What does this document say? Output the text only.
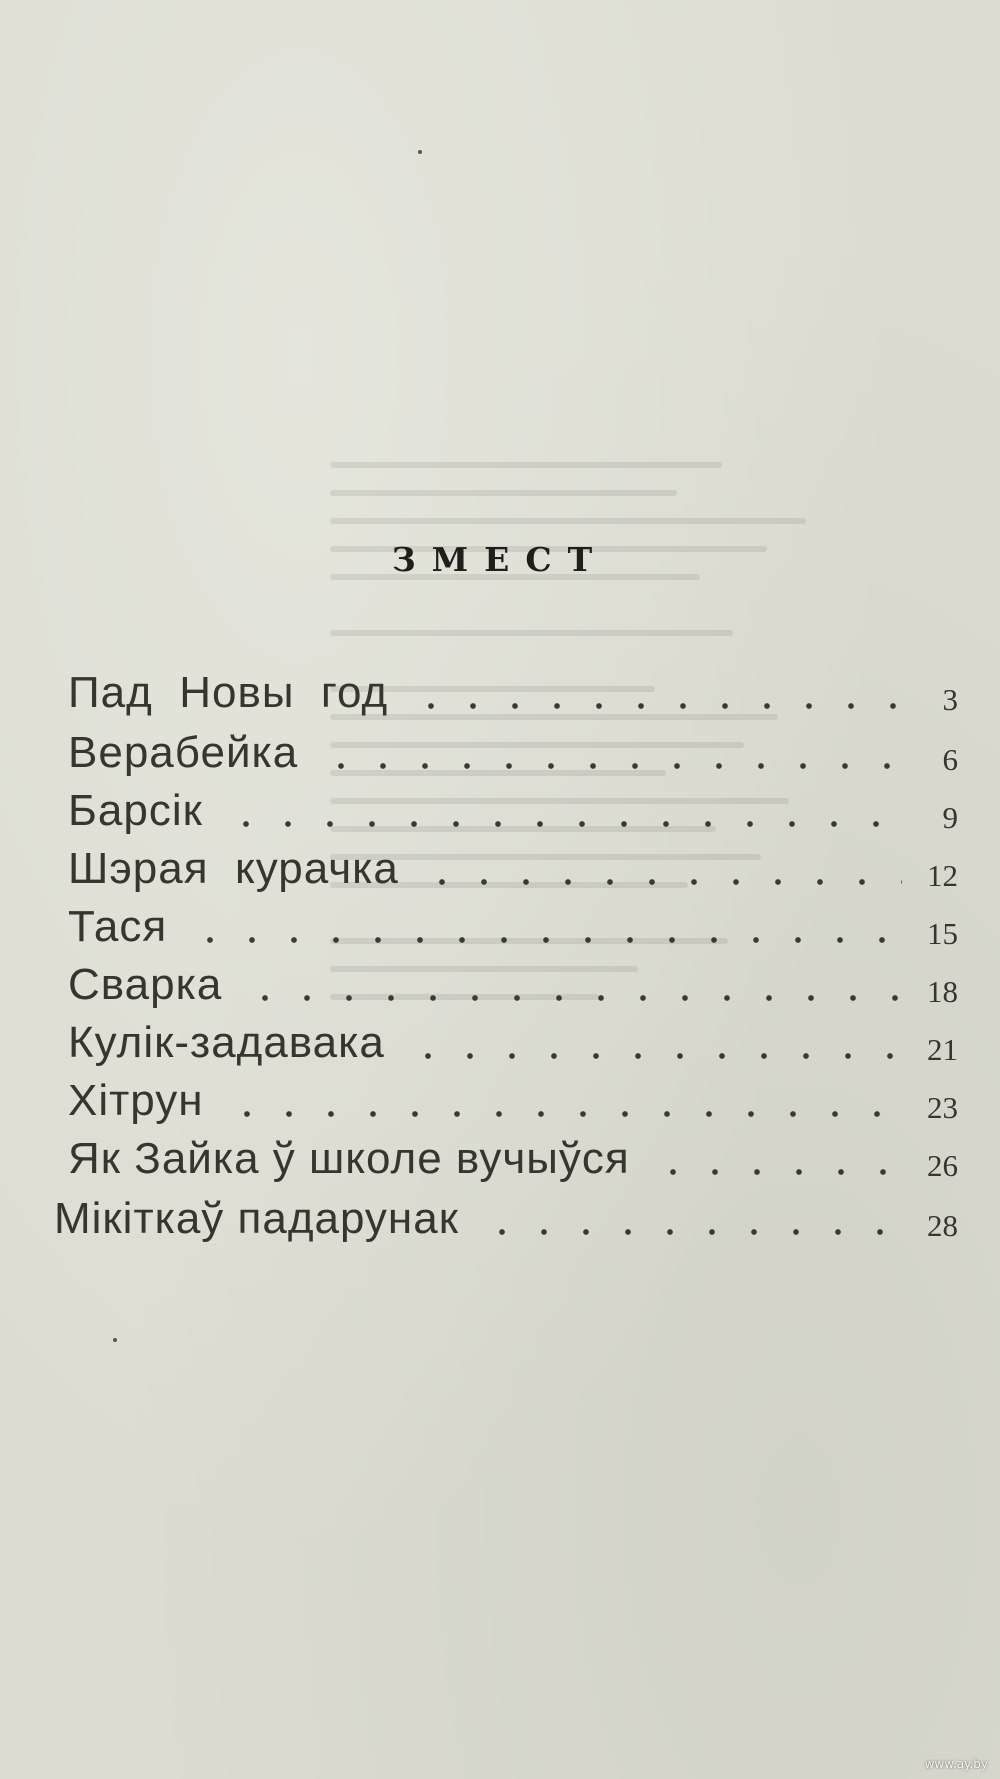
ЗМЕСТ
Пад  Новы  год	3
Верабейка	6
Барсік	9
Шэрая  курачка	12
Тася	15
Сварка	18
Кулік-задавака	21
Хітрун	23
Як Зайка ў школе вучыўся	26
Мікіткаў падарунак	28
www.ay.by
